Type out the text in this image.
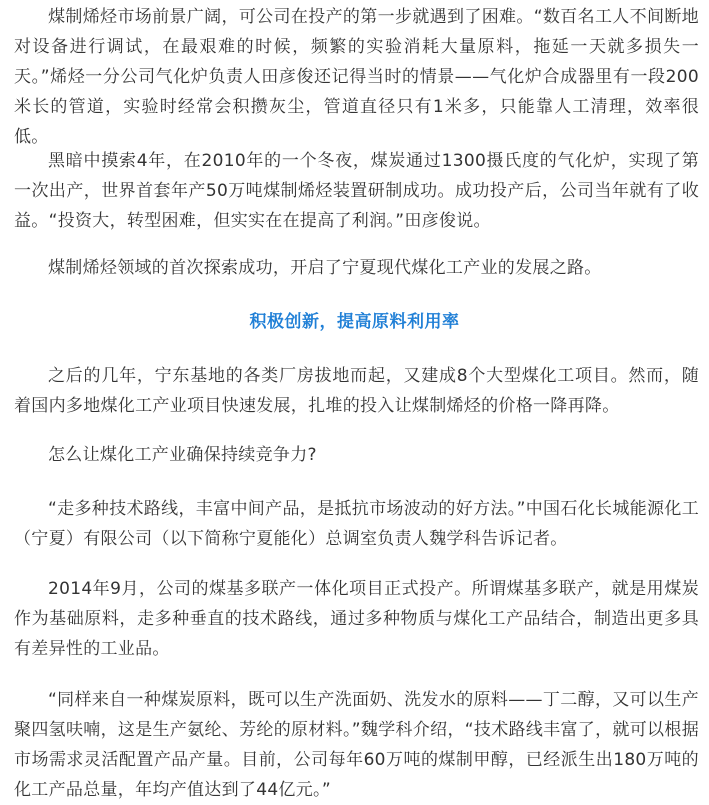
煤制烯烃市场前景广阔，可公司在投产的第一步就遇到了困难。“数百名工人不间断地对设备进行调试，在最艰难的时候，频繁的实验消耗大量原料，拖延一天就多损失一天。”烯烃一分公司气化炉负责人田彦俊还记得当时的情景——气化炉合成器里有一段200米长的管道，实验时经常会积攒灰尘，管道直径只有1米多，只能靠人工清理，效率很低。

黑暗中摸索4年，在2010年的一个冬夜，煤炭通过1300摄氏度的气化炉，实现了第一次出产，世界首套年产50万吨煤制烯烃装置研制成功。成功投产后，公司当年就有了收益。“投资大，转型困难，但实实在在提高了利润。”田彦俊说。

煤制烯烃领域的首次探索成功，开启了宁夏现代煤化工产业的发展之路。

积极创新，提高原料利用率

之后的几年，宁东基地的各类厂房拔地而起，又建成8个大型煤化工项目。然而，随着国内多地煤化工产业项目快速发展，扎堆的投入让煤制烯烃的价格一降再降。

怎么让煤化工产业确保持续竞争力?

“走多种技术路线，丰富中间产品，是抵抗市场波动的好方法。”中国石化长城能源化工（宁夏）有限公司（以下简称宁夏能化）总调室负责人魏学科告诉记者。

2014年9月，公司的煤基多联产一体化项目正式投产。所谓煤基多联产，就是用煤炭作为基础原料，走多种垂直的技术路线，通过多种物质与煤化工产品结合，制造出更多具有差异性的工业品。

“同样来自一种煤炭原料，既可以生产洗面奶、洗发水的原料——丁二醇，又可以生产聚四氢呋喃，这是生产氨纶、芳纶的原材料。”魏学科介绍，“技术路线丰富了，就可以根据市场需求灵活配置产品产量。目前，公司每年60万吨的煤制甲醇，已经派生出180万吨的化工产品总量，年均产值达到了44亿元。”
